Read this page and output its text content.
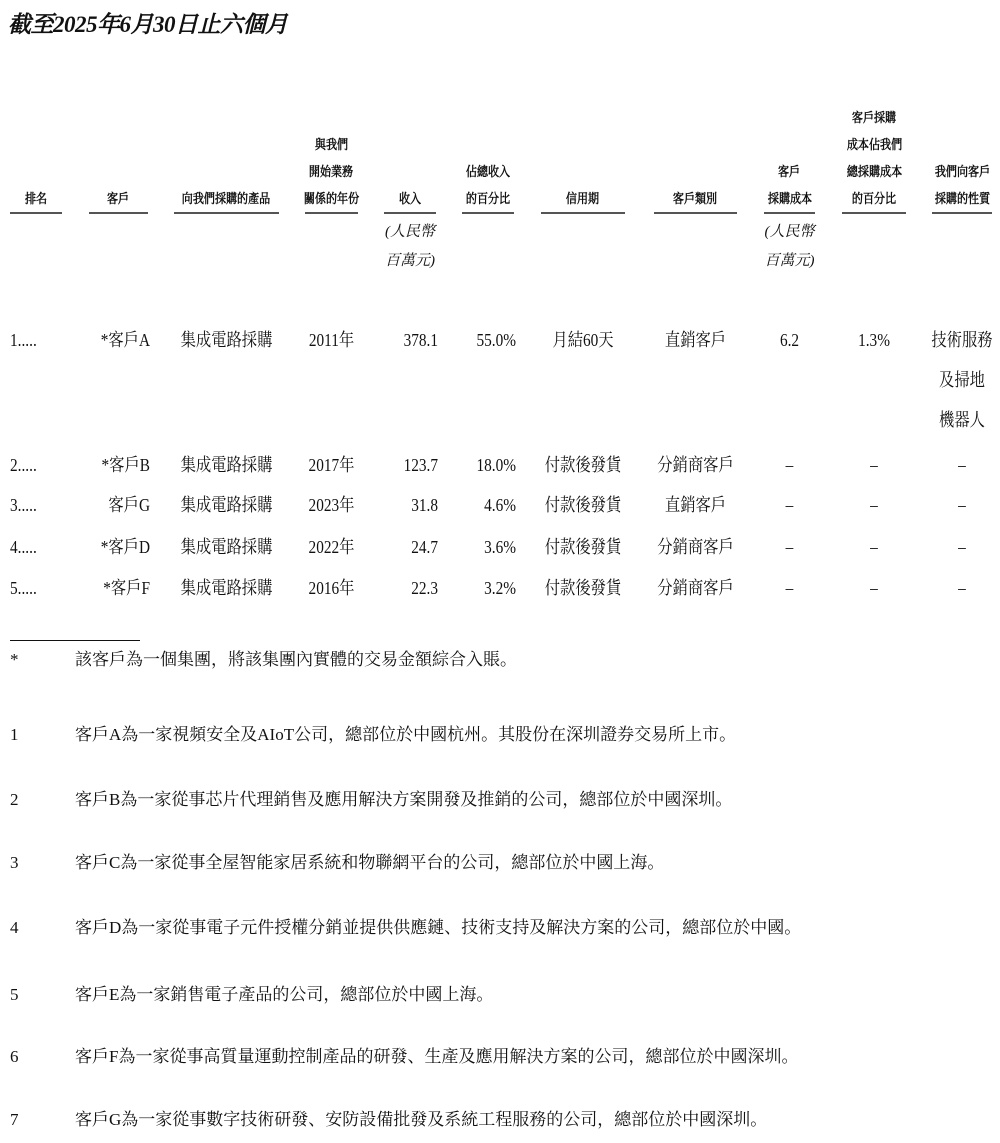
截至2025年6月30日止六個月
排名	客戶	向我們採購的產品
與我們
開始業務
關係的年份	收入
(人民幣
百萬元)
佔總收入
的百分比	信用期	客戶類別
客戶
採購成本
(人民幣
百萬元)
客戶採購
成本佔我們
總採購成本
的百分比
我們向客戶
採購的性質
1.....	*客戶A	集成電路採購	2011年	378.1	55.0%	月結60天	直銷客戶	6.2	1.3%	技術服務
及掃地
機器人
2.....	*客戶B	集成電路採購	2017年	123.7	18.0% 付款後發貨 分銷商客戶	–	–	–
3.....	客戶G	集成電路採購	2023年	31.8	4.6% 付款後發貨	直銷客戶	–	–	–
4.....	*客戶D	集成電路採購	2022年	24.7	3.6% 付款後發貨 分銷商客戶	–	–	–
5.....	*客戶F	集成電路採購	2016年	22.3	3.2% 付款後發貨 分銷商客戶	–	–	–
*	該客戶為一個集團，將該集團內實體的交易金額綜合入賬。
1	客戶A為一家視頻安全及AIoT公司，總部位於中國杭州。其股份在深圳證券交易所上市。
2	客戶B為一家從事芯片代理銷售及應用解決方案開發及推銷的公司，總部位於中國深圳。
3	客戶C為一家從事全屋智能家居系統和物聯網平台的公司，總部位於中國上海。
4	客戶D為一家從事電子元件授權分銷並提供供應鏈、技術支持及解決方案的公司，總部位於中國。
5	客戶E為一家銷售電子產品的公司，總部位於中國上海。
6	客戶F為一家從事高質量運動控制產品的研發、生產及應用解決方案的公司，總部位於中國深圳。
7	客戶G為一家從事數字技術研發、安防設備批發及系統工程服務的公司，總部位於中國深圳。
